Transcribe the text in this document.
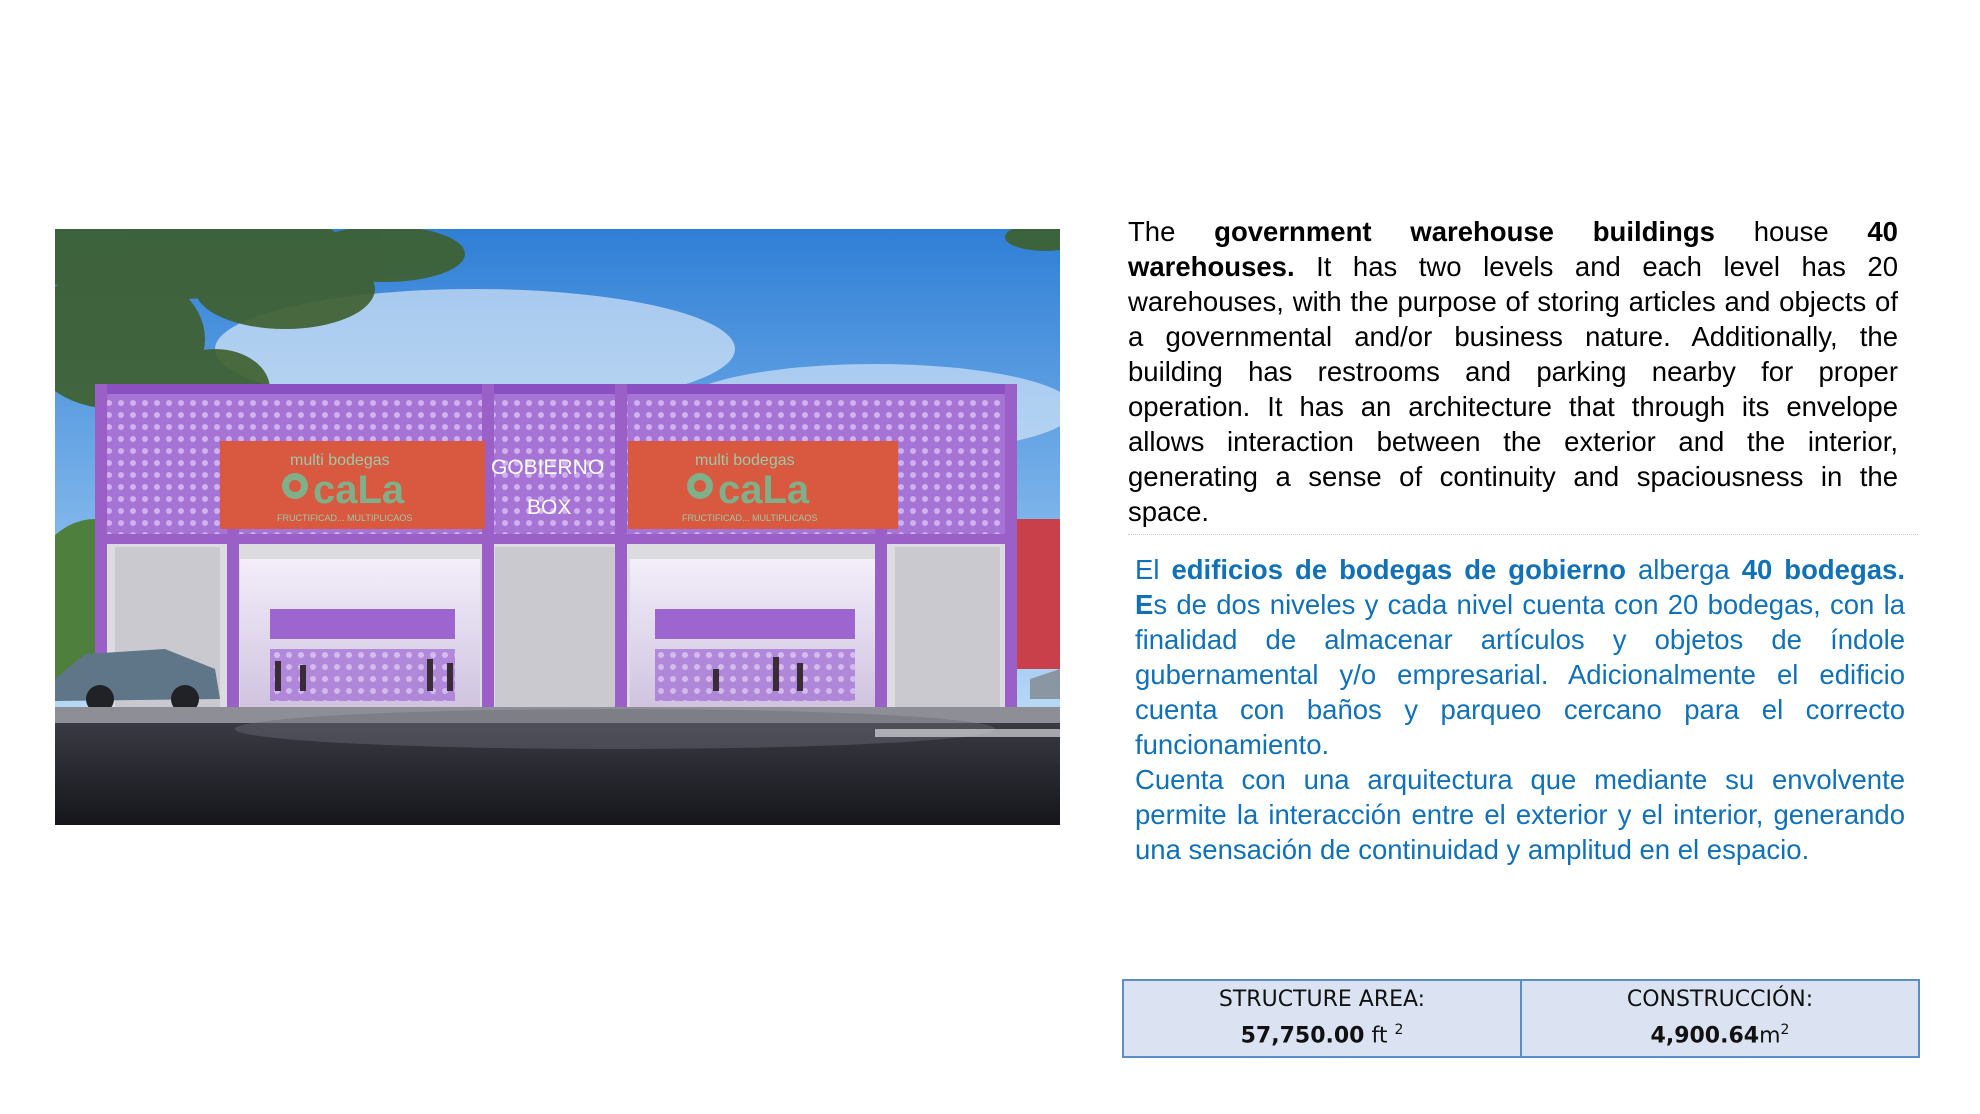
multi bodegas
caLa
FRUCTIFICAD... MULTIPLICAOS
GOBIERNO
BOX
multi bodegas
caLa
FRUCTIFICAD... MULTIPLICAOS
The government warehouse buildings house 40 warehouses. It has two levels and each level has 20 warehouses, with the purpose of storing articles and objects of a governmental and/or business nature. Additionally, the building has restrooms and parking nearby for proper operation. It has an architecture that through its envelope allows interaction between the exterior and the interior, generating a sense of continuity and spaciousness in the space.

El edificios de bodegas de gobierno alberga 40 bodegas. Es de dos niveles y cada nivel cuenta con 20 bodegas, con la finalidad de almacenar artículos y objetos de índole gubernamental y/o empresarial. Adicionalmente el edificio cuenta con baños y parqueo cercano para el correcto funcionamiento.

Cuenta con una arquitectura que mediante su envolvente permite la interacción entre el exterior y el interior, generando una sensación de continuidad y amplitud en el espacio.

STRUCTURE AREA:
57,750.00 ft $^2$
CONSTRUCCIÓN:
$4,900.64m^2$
